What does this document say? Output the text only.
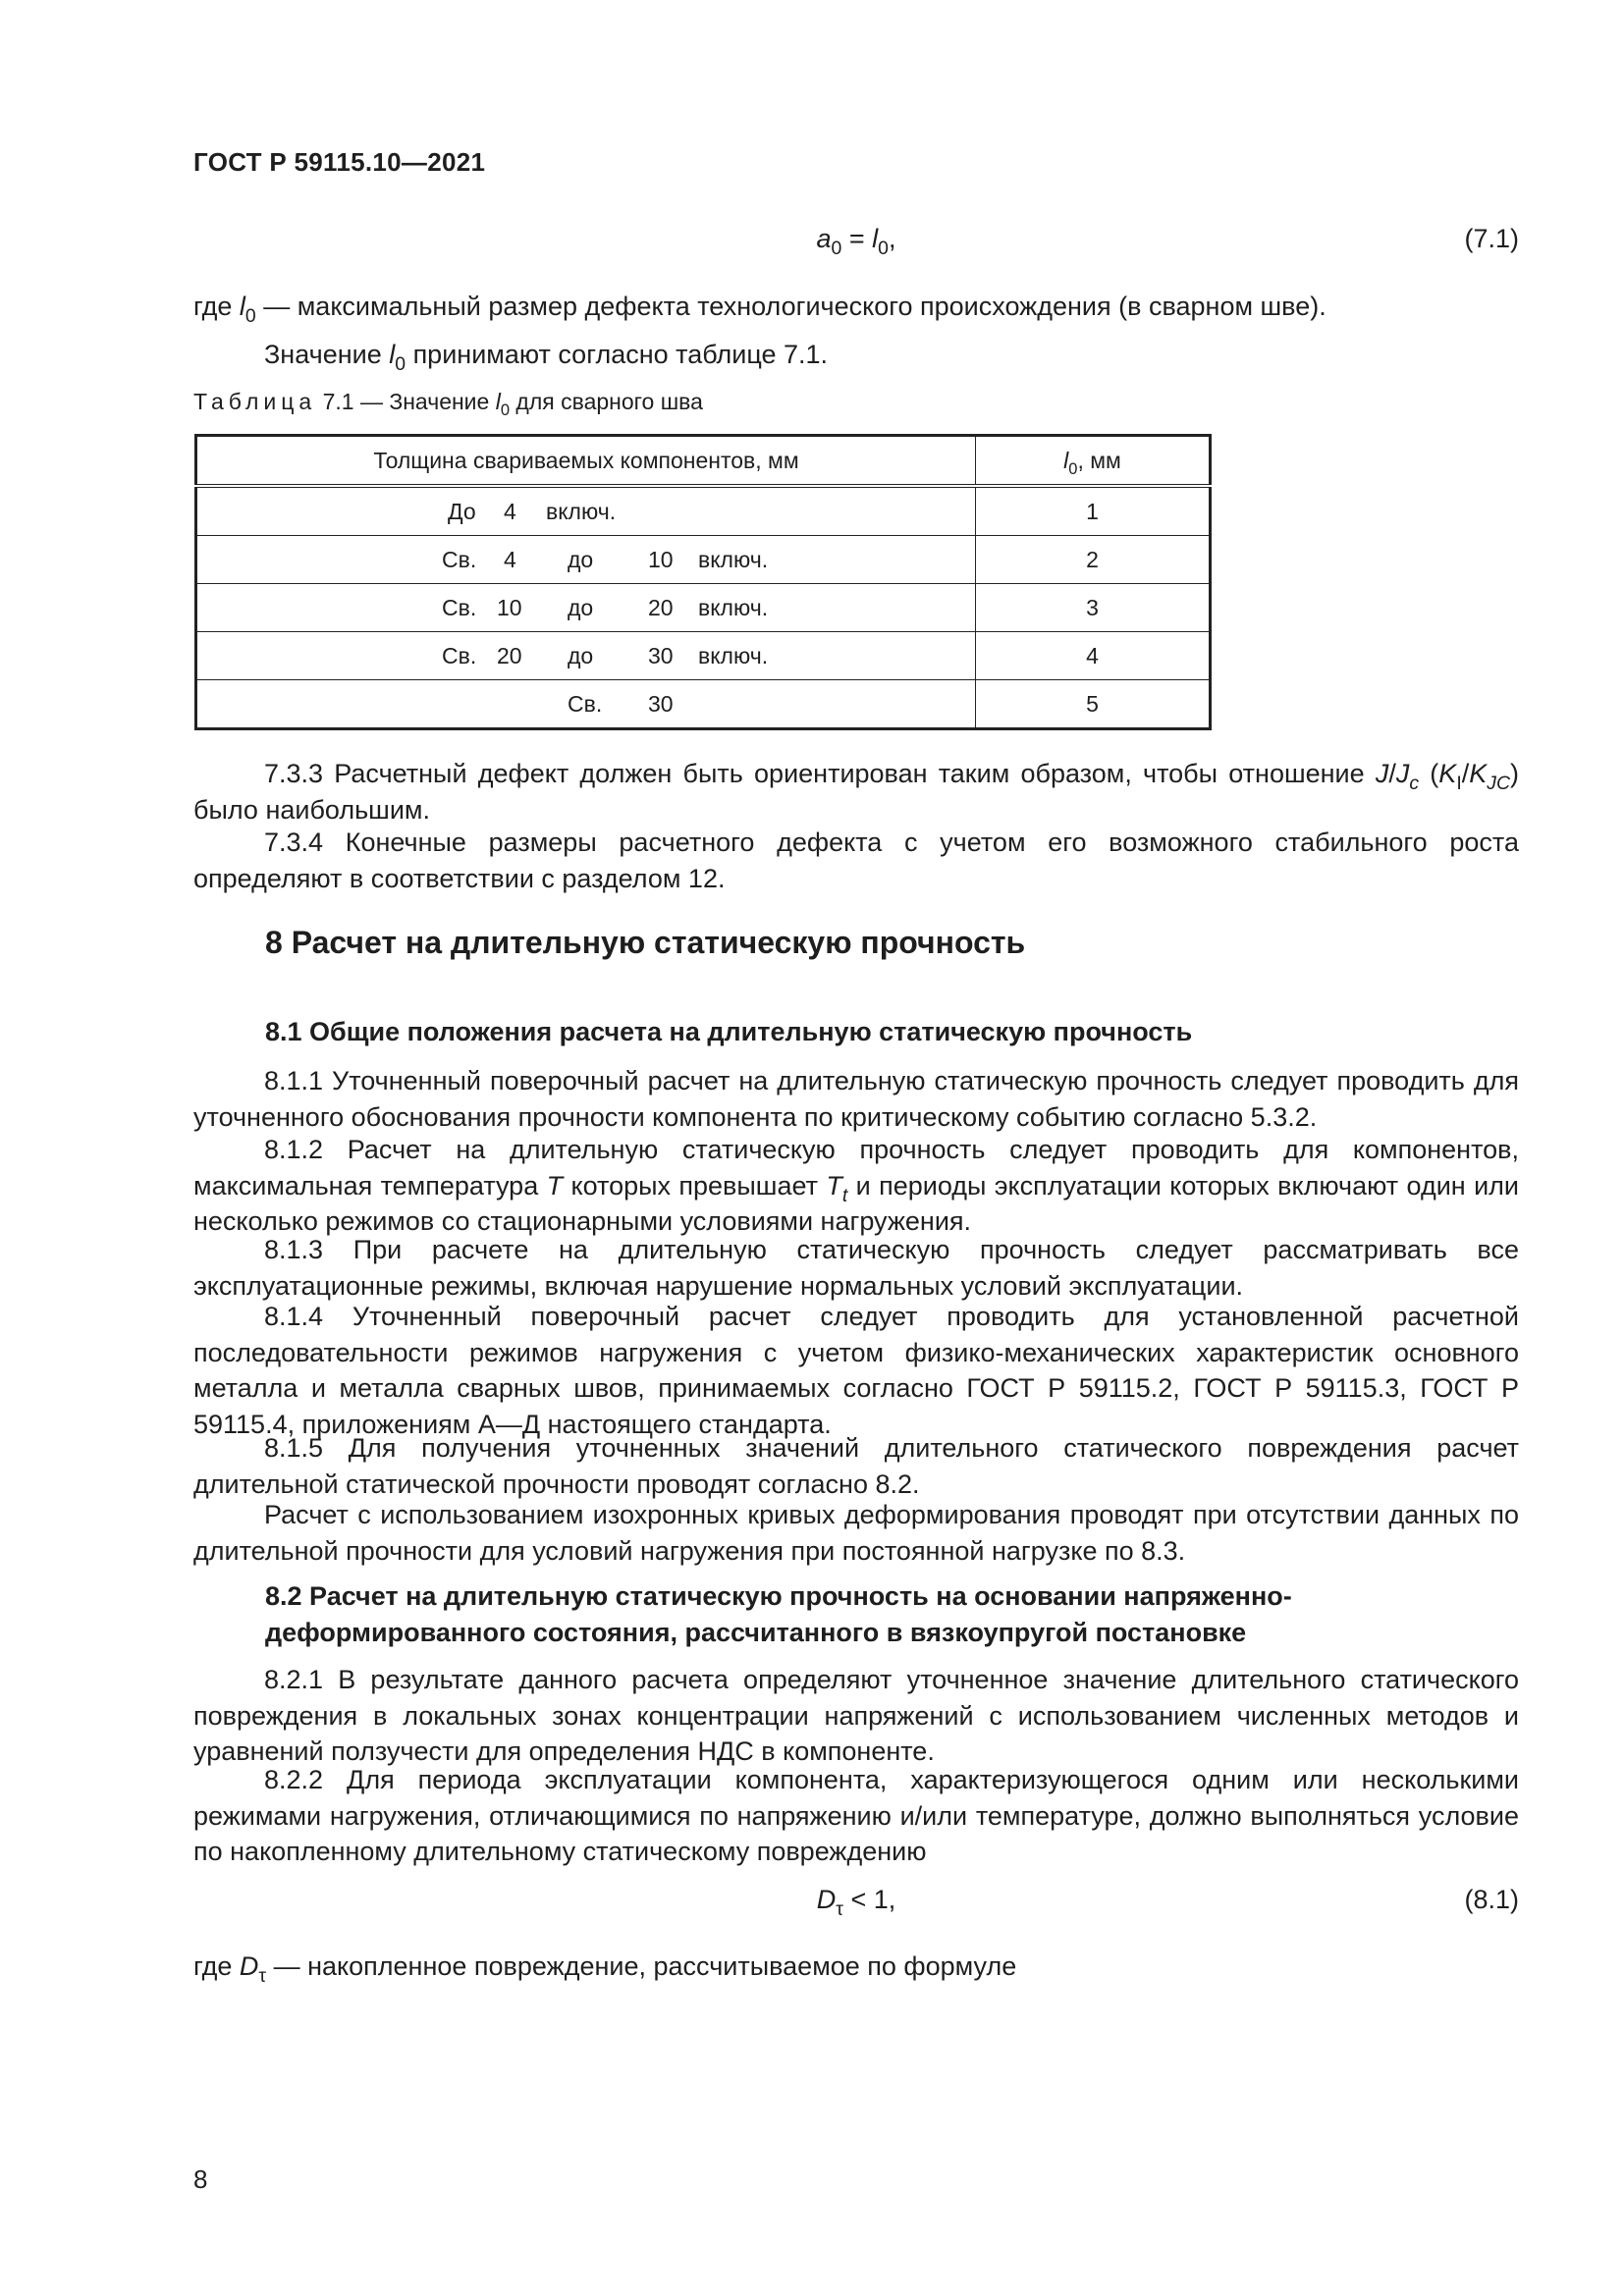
ГОСТ Р 59115.10—2021
$a_0 = l_0$,	(7.1)
где $l_0$ — максимальный размер дефекта технологического происхождения (в сварном шве).
Значение $l_0$ принимают согласно таблице 7.1.
Таблица 7.1 — Значение $l_0$ для сварного шва
Толщина свариваемых компонентов, мм	$l_0$, мм

До 4 включ.	1

Св. 4 до 10 включ.	2

Св. 10 до 20 включ.	3

Св. 20 до 30 включ.	4

Св. 30	5
7.3.3 Расчетный дефект должен быть ориентирован таким образом, чтобы отношение $J/J_c$ $(K_I/K_{JC})$ было наибольшим.
7.3.4 Конечные размеры расчетного дефекта с учетом его возможного стабильного роста определяют в соответствии с разделом 12.
8 Расчет на длительную статическую прочность
8.1 Общие положения расчета на длительную статическую прочность
8.1.1 Уточненный поверочный расчет на длительную статическую прочность следует проводить для уточненного обоснования прочности компонента по критическому событию согласно 5.3.2.
8.1.2 Расчет на длительную статическую прочность следует проводить для компонентов, максимальная температура T которых превышает $T_t$ и периоды эксплуатации которых включают один или несколько режимов со стационарными условиями нагружения.
8.1.3 При расчете на длительную статическую прочность следует рассматривать все эксплуатационные режимы, включая нарушение нормальных условий эксплуатации.
8.1.4 Уточненный поверочный расчет следует проводить для установленной расчетной последовательности режимов нагружения с учетом физико-механических характеристик основного металла и металла сварных швов, принимаемых согласно ГОСТ Р 59115.2, ГОСТ Р 59115.3, ГОСТ Р 59115.4, приложениям А—Д настоящего стандарта.
8.1.5 Для получения уточненных значений длительного статического повреждения расчет длительной статической прочности проводят согласно 8.2.
Расчет с использованием изохронных кривых деформирования проводят при отсутствии данных по длительной прочности для условий нагружения при постоянной нагрузке по 8.3.
8.2 Расчет на длительную статическую прочность на основании напряженно-
деформированного состояния, рассчитанного в вязкоупругой постановке
8.2.1 В результате данного расчета определяют уточненное значение длительного статического повреждения в локальных зонах концентрации напряжений с использованием численных методов и уравнений ползучести для определения НДС в компоненте.
8.2.2 Для периода эксплуатации компонента, характеризующегося одним или несколькими режимами нагружения, отличающимися по напряжению и/или температуре, должно выполняться условие по накопленному длительному статическому повреждению
$D_\tau < 1$,	(8.1)
где $D_\tau$ — накопленное повреждение, рассчитываемое по формуле
8
